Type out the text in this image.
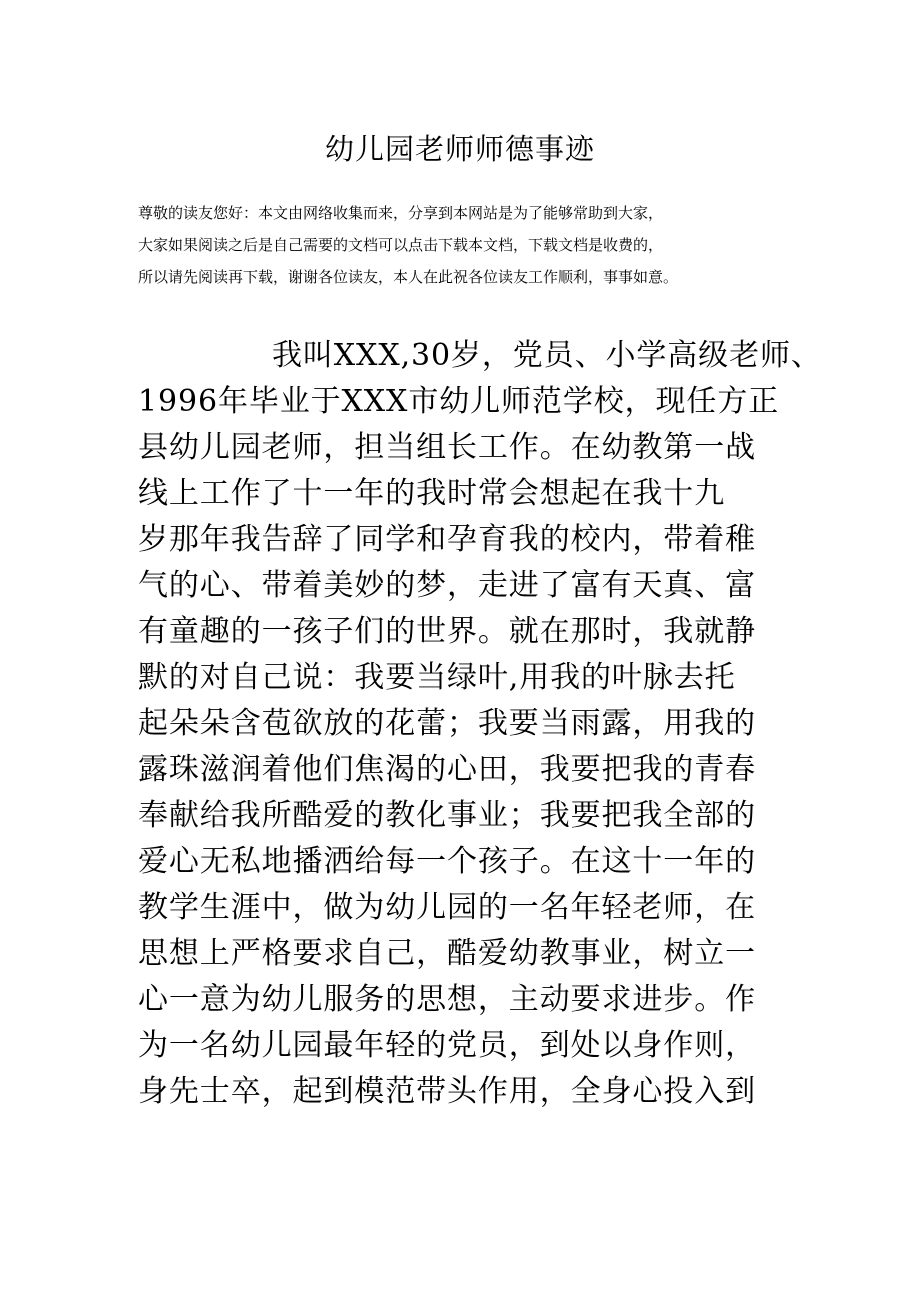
幼儿园老师师德事迹
尊敬的读友您好：本文由网络收集而来，分享到本网站是为了能够常助到大家，
大家如果阅读之后是自己需要的文档可以点击下载本文档，下载文档是收费的，
所以请先阅读再下载，谢谢各位读友，本人在此祝各位读友工作顺利，事事如意。
我叫XXX,30岁，党员、小学高级老师、
1996年毕业于XXX市幼儿师范学校，现任方正
县幼儿园老师，担当组长工作。在幼教第一战
线上工作了十一年的我时常会想起在我十九
岁那年我告辞了同学和孕育我的校内，带着稚
气的心、带着美妙的梦，走进了富有天真、富
有童趣的一孩子们的世界。就在那时，我就静
默的对自己说：我要当绿叶,用我的叶脉去托
起朵朵含苞欲放的花蕾；我要当雨露，用我的
露珠滋润着他们焦渴的心田，我要把我的青春
奉献给我所酷爱的教化事业；我要把我全部的
爱心无私地播洒给每一个孩子。在这十一年的
教学生涯中，做为幼儿园的一名年轻老师，在
思想上严格要求自己，酷爱幼教事业，树立一
心一意为幼儿服务的思想，主动要求进步。作
为一名幼儿园最年轻的党员，到处以身作则，
身先士卒，起到模范带头作用，全身心投入到
